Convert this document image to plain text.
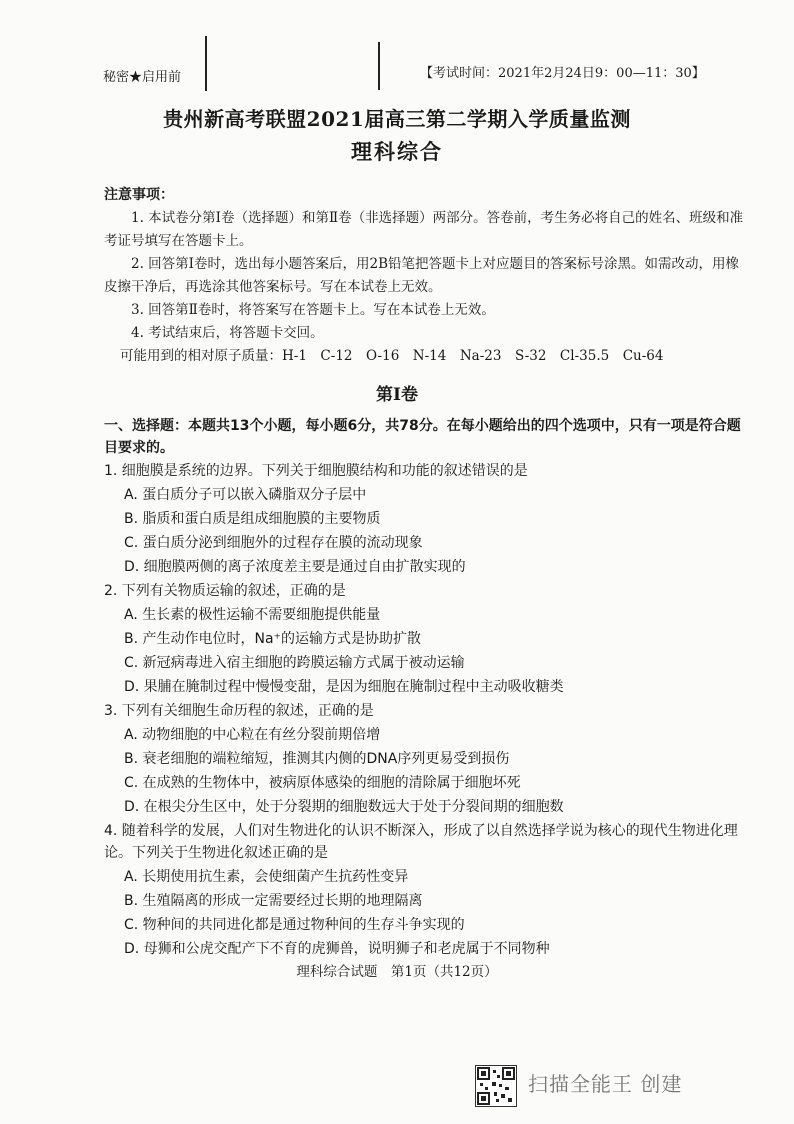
秘密★启用前	【考试时间：2021年2月24日9：00—11：30】
贵州新高考联盟2021届高三第二学期入学质量监测
理科综合
注意事项：
1. 本试卷分第Ⅰ卷（选择题）和第Ⅱ卷（非选择题）两部分。答卷前，考生务必将自己的姓名、班级和准考证号填写在答题卡上。
2. 回答第Ⅰ卷时，选出每小题答案后，用2B铅笔把答题卡上对应题目的答案标号涂黑。如需改动，用橡皮擦干净后，再选涂其他答案标号。写在本试卷上无效。
3. 回答第Ⅱ卷时，将答案写在答题卡上。写在本试卷上无效。
4. 考试结束后，将答题卡交回。
可能用到的相对原子质量：H-1　C-12　O-16　N-14　Na-23　S-32　Cl-35.5　Cu-64
第Ⅰ卷
一、选择题：本题共13个小题，每小题6分，共78分。在每小题给出的四个选项中，只有一项是符合题目要求的。
1. 细胞膜是系统的边界。下列关于细胞膜结构和功能的叙述错误的是
A. 蛋白质分子可以嵌入磷脂双分子层中
B. 脂质和蛋白质是组成细胞膜的主要物质
C. 蛋白质分泌到细胞外的过程存在膜的流动现象
D. 细胞膜两侧的离子浓度差主要是通过自由扩散实现的
2. 下列有关物质运输的叙述，正确的是
A. 生长素的极性运输不需要细胞提供能量
B. 产生动作电位时，Na⁺的运输方式是协助扩散
C. 新冠病毒进入宿主细胞的跨膜运输方式属于被动运输
D. 果脯在腌制过程中慢慢变甜，是因为细胞在腌制过程中主动吸收糖类
3. 下列有关细胞生命历程的叙述，正确的是
A. 动物细胞的中心粒在有丝分裂前期倍增
B. 衰老细胞的端粒缩短，推测其内侧的DNA序列更易受到损伤
C. 在成熟的生物体中，被病原体感染的细胞的清除属于细胞坏死
D. 在根尖分生区中，处于分裂期的细胞数远大于处于分裂间期的细胞数
4. 随着科学的发展，人们对生物进化的认识不断深入，形成了以自然选择学说为核心的现代生物进化理论。下列关于生物进化叙述正确的是
A. 长期使用抗生素，会使细菌产生抗药性变异
B. 生殖隔离的形成一定需要经过长期的地理隔离
C. 物种间的共同进化都是通过物种间的生存斗争实现的
D. 母狮和公虎交配产下不育的虎狮兽，说明狮子和老虎属于不同物种
理科综合试题　第1页（共12页）
扫描全能王 创建
